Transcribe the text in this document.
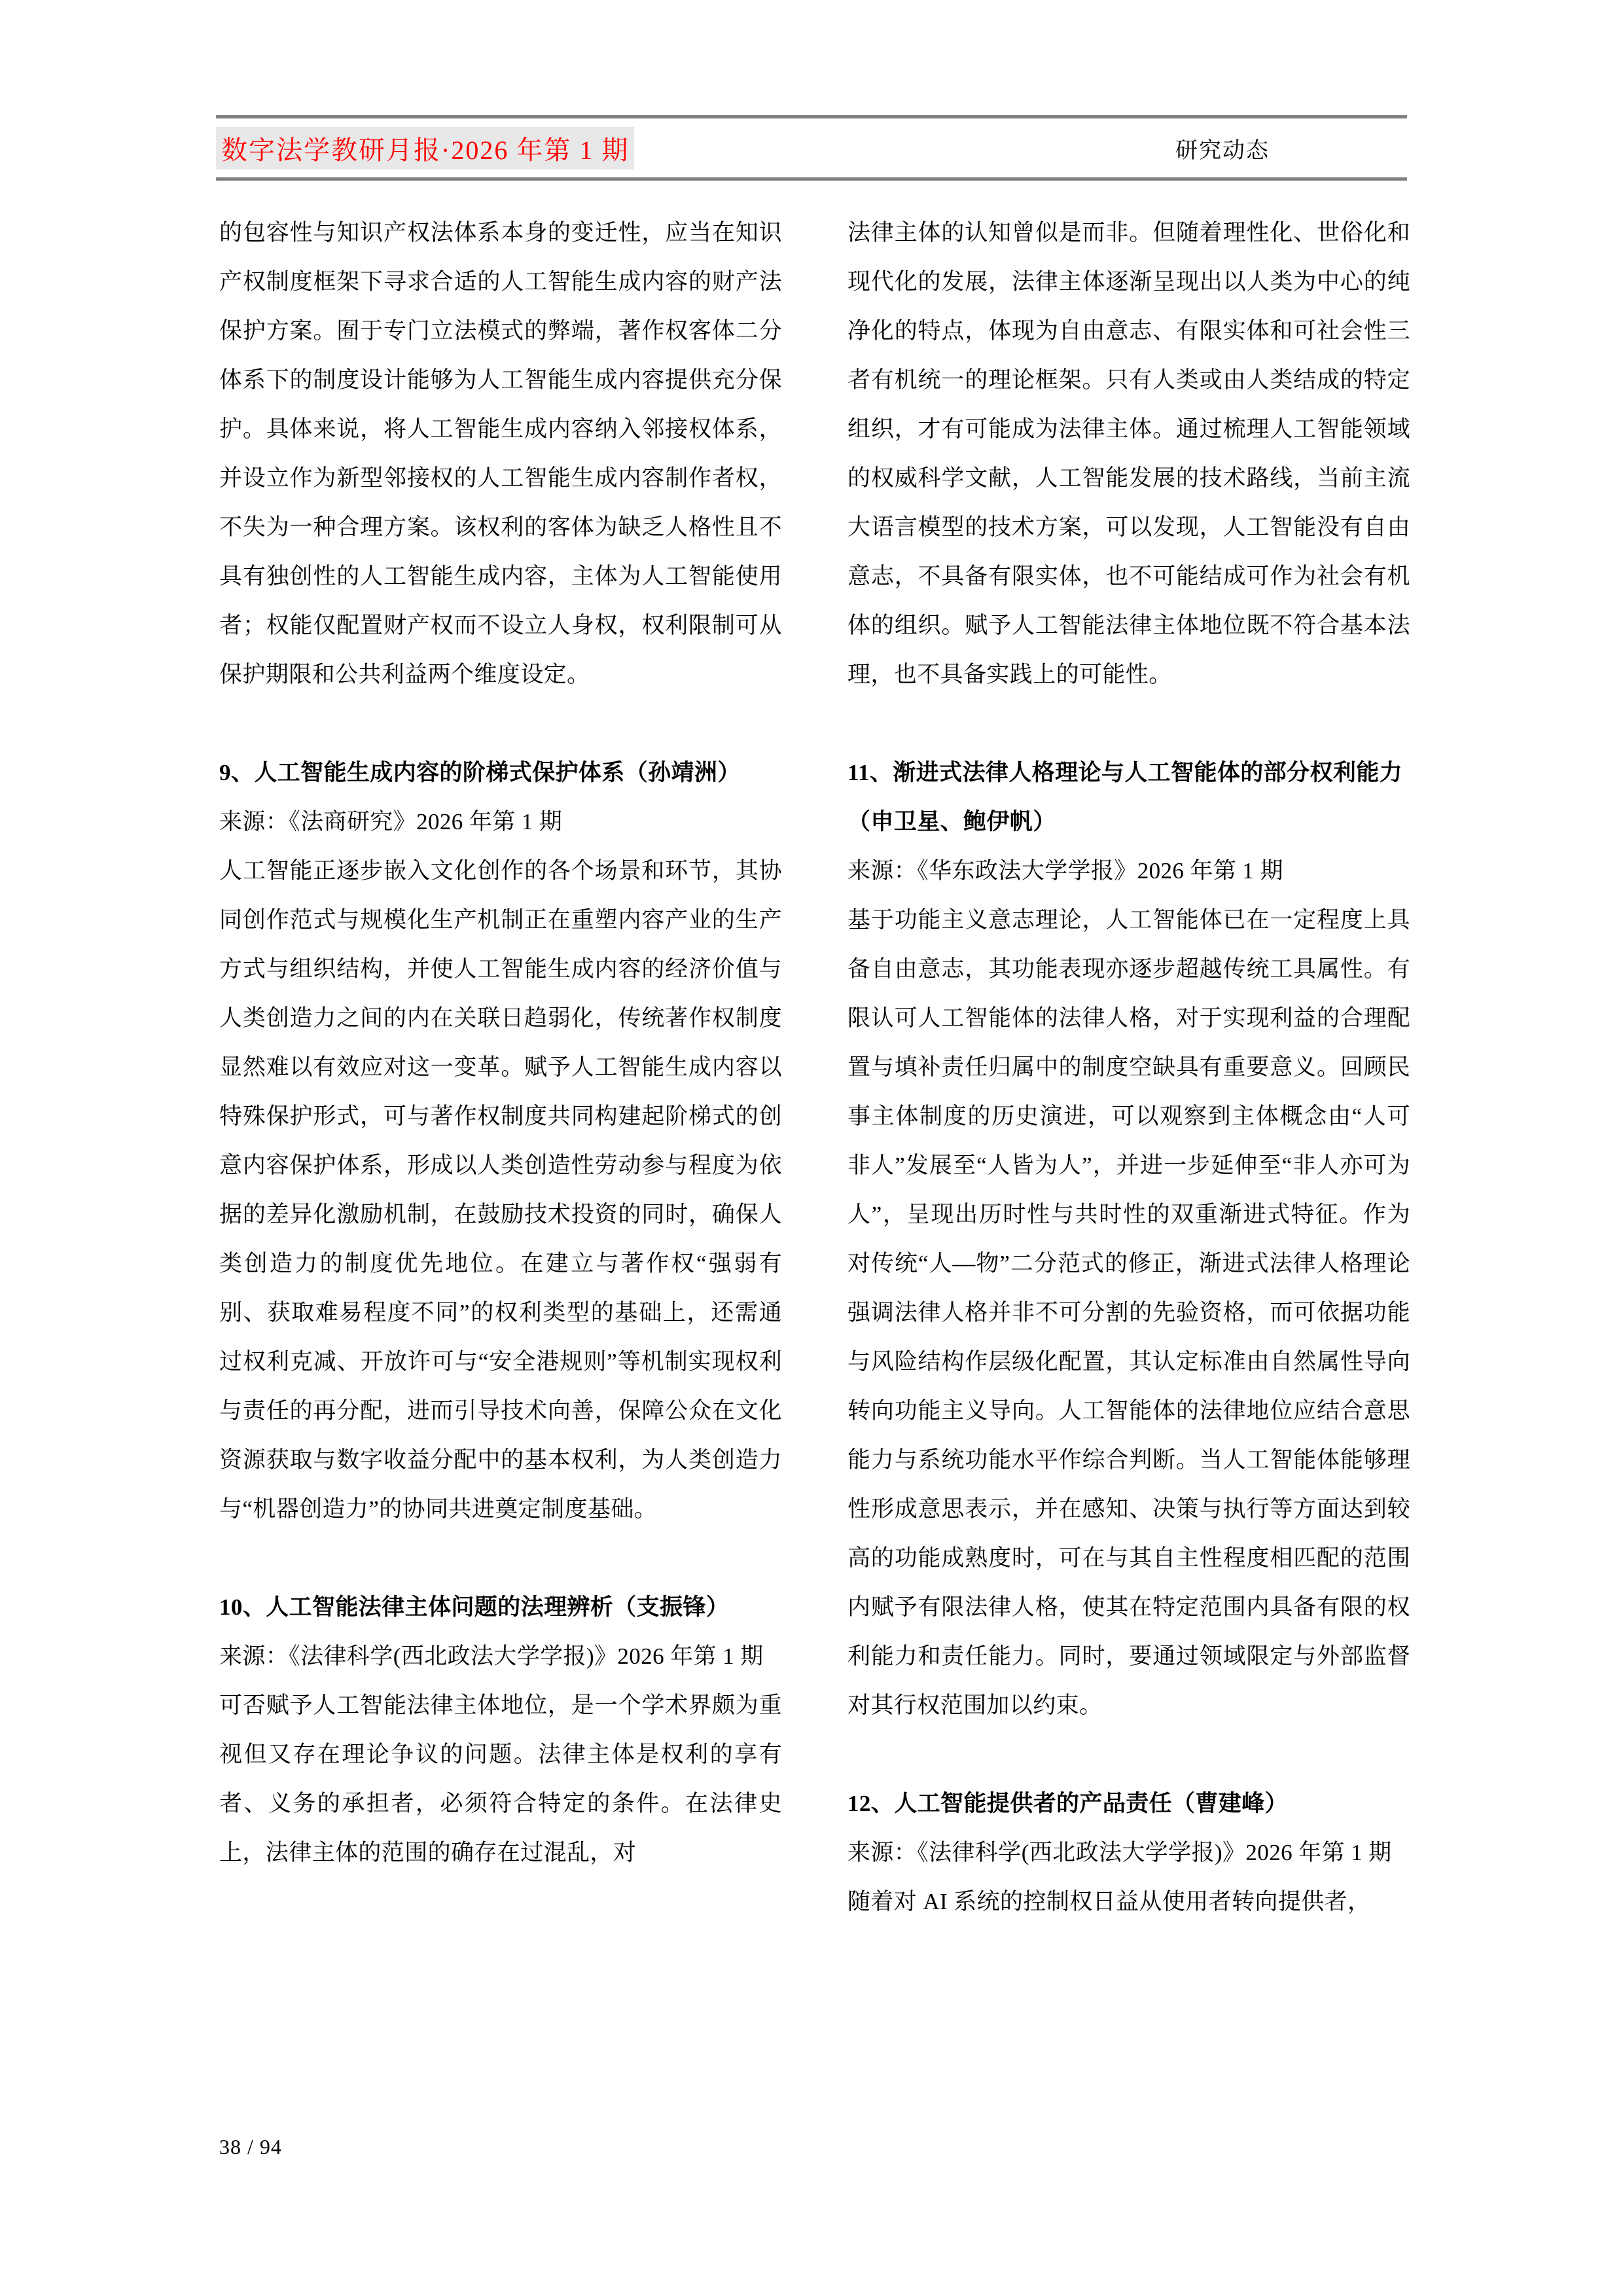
数字法学教研月报·2026 年第 1 期	研究动态

的包容性与知识产权法体系本身的变迁性，应当在知识产权制度框架下寻求合适的人工智能生成内容的财产法保护方案。囿于专门立法模式的弊端，著作权客体二分体系下的制度设计能够为人工智能生成内容提供充分保护。具体来说，将人工智能生成内容纳入邻接权体系，并设立作为新型邻接权的人工智能生成内容制作者权，不失为一种合理方案。该权利的客体为缺乏人格性且不具有独创性的人工智能生成内容，主体为人工智能使用者；权能仅配置财产权而不设立人身权，权利限制可从保护期限和公共利益两个维度设定。

9、人工智能生成内容的阶梯式保护体系（孙靖洲）

来源：《法商研究》2026 年第 1 期

人工智能正逐步嵌入文化创作的各个场景和环节，其协同创作范式与规模化生产机制正在重塑内容产业的生产方式与组织结构，并使人工智能生成内容的经济价值与人类创造力之间的内在关联日趋弱化，传统著作权制度显然难以有效应对这一变革。赋予人工智能生成内容以特殊保护形式，可与著作权制度共同构建起阶梯式的创意内容保护体系，形成以人类创造性劳动参与程度为依据的差异化激励机制，在鼓励技术投资的同时，确保人类创造力的制度优先地位。在建立与著作权“强弱有别、获取难易程度不同”的权利类型的基础上，还需通过权利克减、开放许可与“安全港规则”等机制实现权利与责任的再分配，进而引导技术向善，保障公众在文化资源获取与数字收益分配中的基本权利，为人类创造力与“机器创造力”的协同共进奠定制度基础。

10、人工智能法律主体问题的法理辨析（支振锋）

来源：《法律科学(西北政法大学学报)》2026 年第 1 期

可否赋予人工智能法律主体地位，是一个学术界颇为重视但又存在理论争议的问题。法律主体是权利的享有者、义务的承担者，必须符合特定的条件。在法律史上，法律主体的范围的确存在过混乱，对

法律主体的认知曾似是而非。但随着理性化、世俗化和现代化的发展，法律主体逐渐呈现出以人类为中心的纯净化的特点，体现为自由意志、有限实体和可社会性三者有机统一的理论框架。只有人类或由人类结成的特定组织，才有可能成为法律主体。通过梳理人工智能领域的权威科学文献，人工智能发展的技术路线，当前主流大语言模型的技术方案，可以发现，人工智能没有自由意志，不具备有限实体，也不可能结成可作为社会有机体的组织。赋予人工智能法律主体地位既不符合基本法理，也不具备实践上的可能性。

11、渐进式法律人格理论与人工智能体的部分权利能力（申卫星、鲍伊帆）

来源：《华东政法大学学报》2026 年第 1 期

基于功能主义意志理论，人工智能体已在一定程度上具备自由意志，其功能表现亦逐步超越传统工具属性。有限认可人工智能体的法律人格，对于实现利益的合理配置与填补责任归属中的制度空缺具有重要意义。回顾民事主体制度的历史演进，可以观察到主体概念由“人可非人”发展至“人皆为人”，并进一步延伸至“非人亦可为人”，呈现出历时性与共时性的双重渐进式特征。作为对传统“人—物”二分范式的修正，渐进式法律人格理论强调法律人格并非不可分割的先验资格，而可依据功能与风险结构作层级化配置，其认定标准由自然属性导向转向功能主义导向。人工智能体的法律地位应结合意思能力与系统功能水平作综合判断。当人工智能体能够理性形成意思表示，并在感知、决策与执行等方面达到较高的功能成熟度时，可在与其自主性程度相匹配的范围内赋予有限法律人格，使其在特定范围内具备有限的权利能力和责任能力。同时，要通过领域限定与外部监督对其行权范围加以约束。

12、人工智能提供者的产品责任（曹建峰）

来源：《法律科学(西北政法大学学报)》2026 年第 1 期

随着对 AI 系统的控制权日益从使用者转向提供者，

38 / 94
